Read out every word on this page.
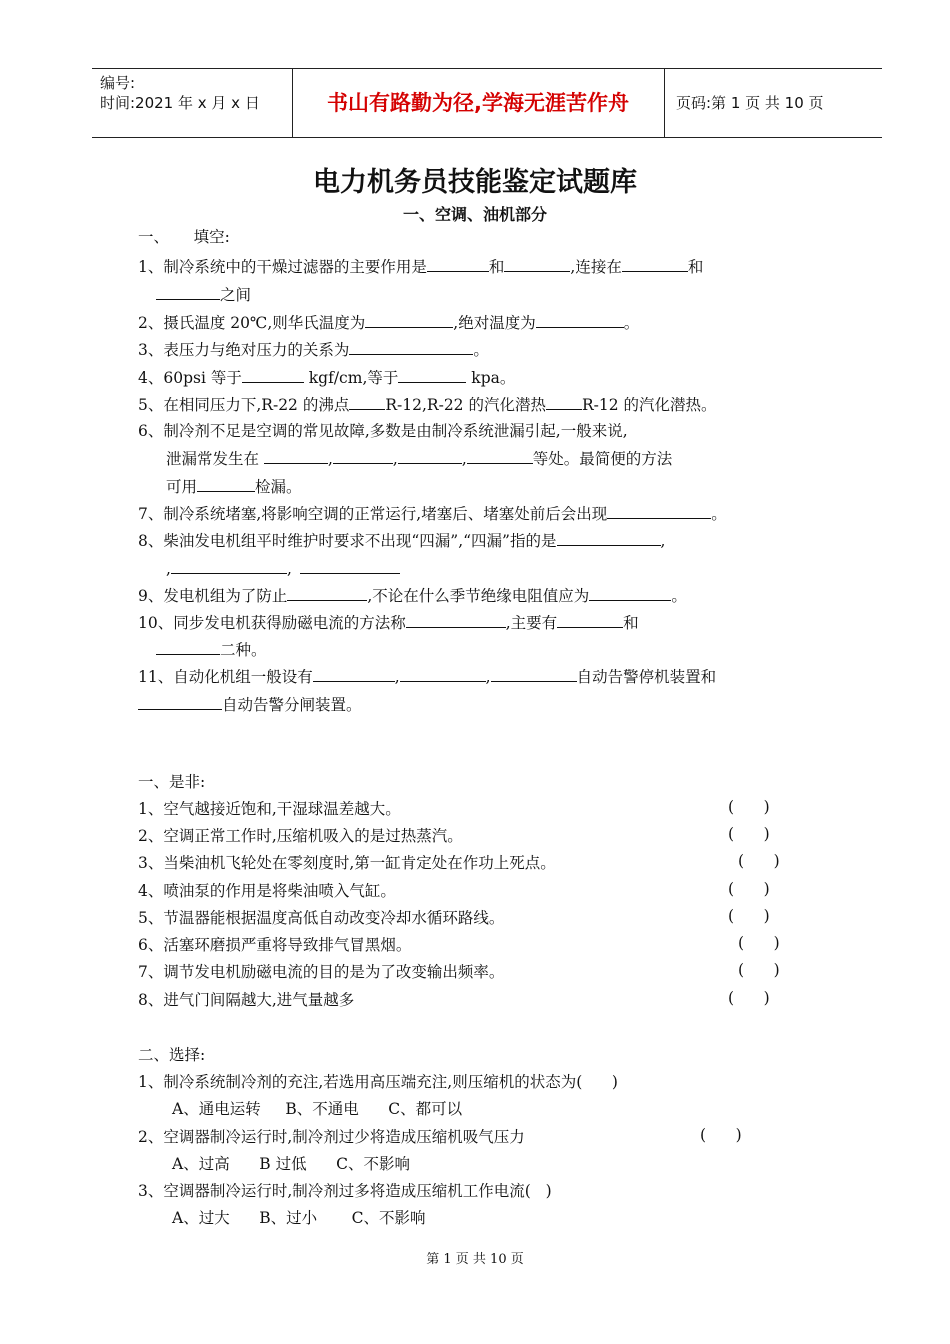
编号:
时间:2021 年 x 月 x 日	书山有路勤为径,学海无涯苦作舟	页码:第 1 页 共 10 页
电力机务员技能鉴定试题库
一、空调、油机部分
一、     填空:
1、制冷系统中的干燥过滤器的主要作用是	和	,连接在	和
之间
2、摄氏温度 20℃,则华氏温度为	,绝对温度为	。
3、表压力与绝对压力的关系为	。
4、60psi 等于	kgf/cm,等于	kpa。
5、在相同压力下,R-22 的沸点 R-12,R-22 的汽化潜热 R-12 的汽化潜热。
6、制冷剂不足是空调的常见故障,多数是由制冷系统泄漏引起,一般来说,
泄漏常发生在	,	,	,	等处。最简便的方法
可用	检漏。
7、制冷系统堵塞,将影响空调的正常运行,堵塞后、堵塞处前后会出现	。
8、柴油发电机组平时维护时要求不出现“四漏”,“四漏”指的是	,
,	,
9、发电机组为了防止	,不论在什么季节绝缘电阻值应为	。
10、同步发电机获得励磁电流的方法称	,主要有	和
二种。
11、自动化机组一般设有	,	,	自动告警停机装置和
自动告警分闸装置。
一、是非:
1、空气越接近饱和,干湿球温差越大。	(      )
2、空调正常工作时,压缩机吸入的是过热蒸汽。	(      )
3、当柴油机飞轮处在零刻度时,第一缸肯定处在作功上死点。	(      )
4、喷油泵的作用是将柴油喷入气缸。	(      )
5、节温器能根据温度高低自动改变冷却水循环路线。	(      )
6、活塞环磨损严重将导致排气冒黑烟。	(      )
7、调节发电机励磁电流的目的是为了改变输出频率。	(      )
8、进气门间隔越大,进气量越多	(      )
二、选择:
1、制冷系统制冷剂的充注,若选用高压端充注,则压缩机的状态为(      )
A、通电运转     B、不通电      C、都可以
2、空调器制冷运行时,制冷剂过少将造成压缩机吸气压力	(      )
A、过高      B 过低      C、不影响
3、空调器制冷运行时,制冷剂过多将造成压缩机工作电流(   )
A、过大      B、过小       C、不影响
第 1 页 共 10 页
